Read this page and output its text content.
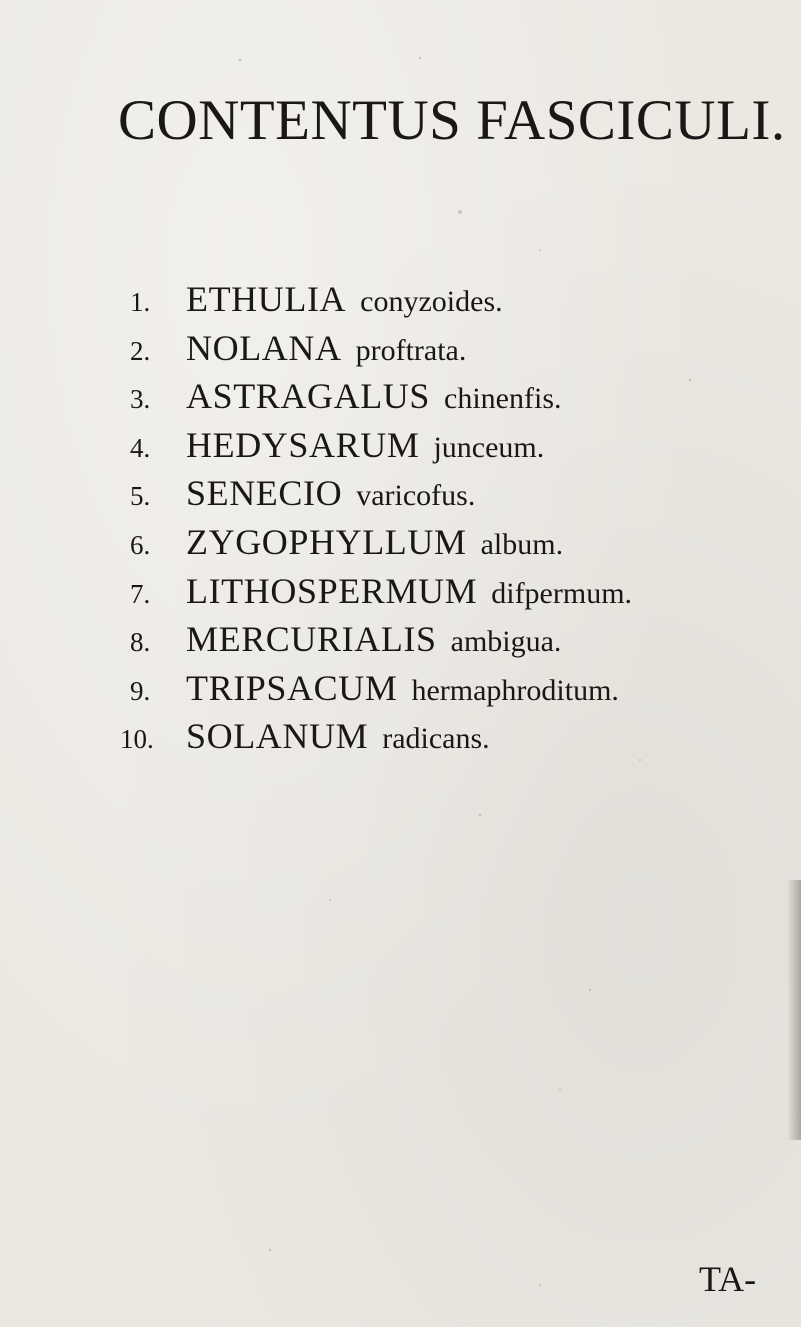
CONTENTUS FASCICULI.
1. ETHULIA conyzoides.
2. NOLANA proftrata.
3. ASTRAGALUS chinenfis.
4. HEDYSARUM junceum.
5. SENECIO varicofus.
6. ZYGOPHYLLUM album.
7. LITHOSPERMUM difpermum.
8. MERCURIALIS ambigua.
9. TRIPSACUM hermaphroditum.
10. SOLANUM radicans.
TA-
